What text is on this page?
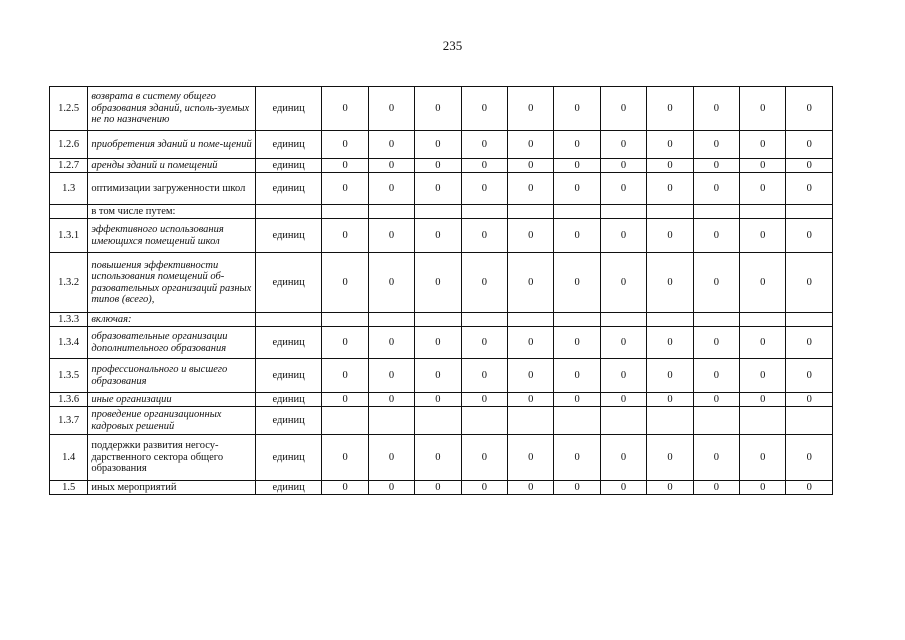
235
1.2.5	возврата в систему общего образования зданий, исполь-зуемых не по назначению	единиц	0	0	0	0	0	0	0	0	0	0	0
1.2.6	приобретения зданий и поме-щений	единиц	0	0	0	0	0	0	0	0	0	0	0
1.2.7	аренды зданий и помещений	единиц	0	0	0	0	0	0	0	0	0	0	0
1.3	оптимизации загруженности школ	единиц	0	0	0	0	0	0	0	0	0	0	0
	в том числе путем:												
1.3.1	эффективного использования имеющихся помещений школ	единиц	0	0	0	0	0	0	0	0	0	0	0
1.3.2	повышения эффективности использования помещений об-разовательных организаций разных типов (всего),	единиц	0	0	0	0	0	0	0	0	0	0	0
1.3.3	включая:												
1.3.4	образовательные организации дополнительного образования	единиц	0	0	0	0	0	0	0	0	0	0	0
1.3.5	профессионального и высшего образования	единиц	0	0	0	0	0	0	0	0	0	0	0
1.3.6	иные организации	единиц	0	0	0	0	0	0	0	0	0	0	0
1.3.7	проведение организационных кадровых решений	единиц											
1.4	поддержки развития негосу-дарственного сектора общего образования	единиц	0	0	0	0	0	0	0	0	0	0	0
1.5	иных мероприятий	единиц	0	0	0	0	0	0	0	0	0	0	0
